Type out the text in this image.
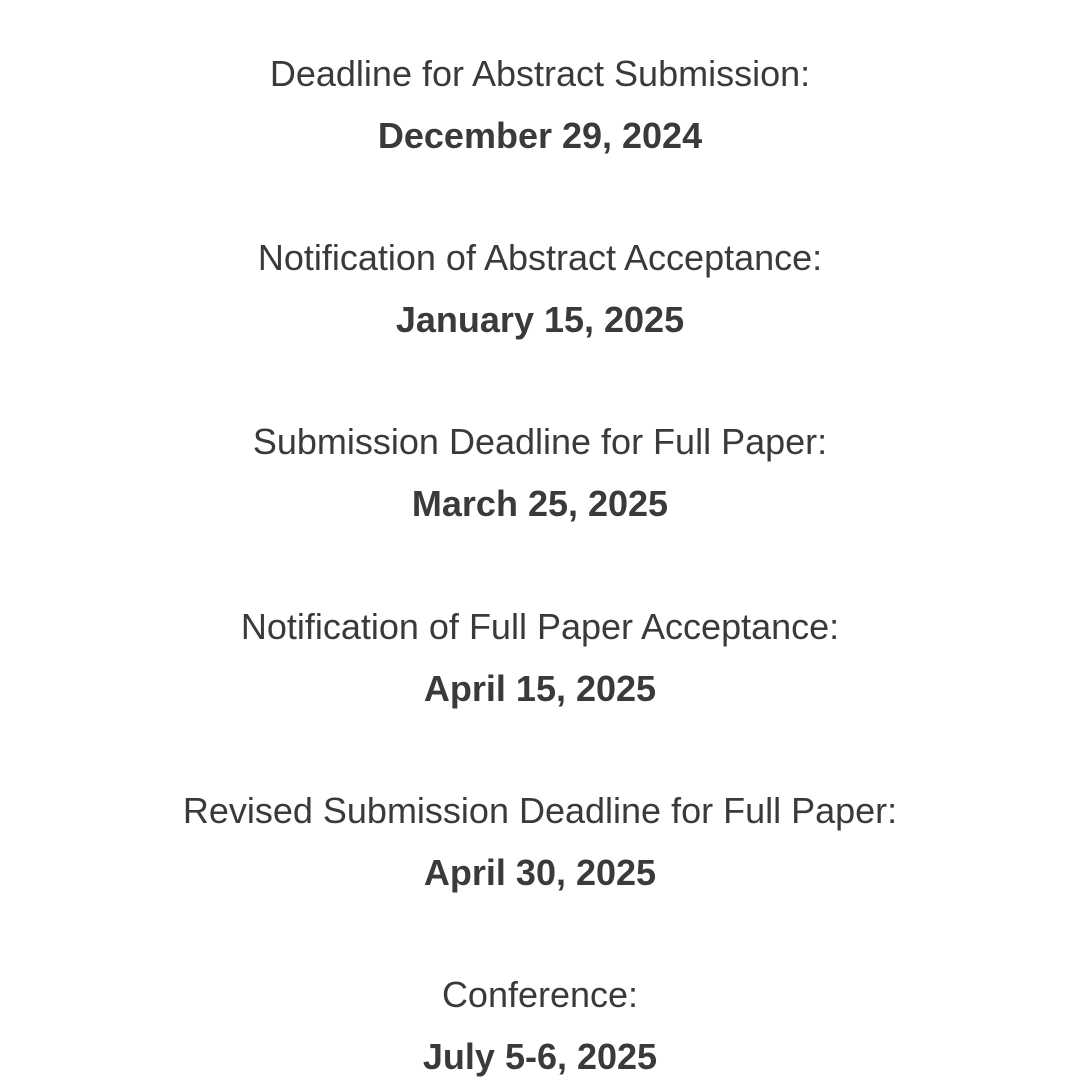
Deadline for Abstract Submission:
December 29, 2024
Notification of Abstract Acceptance:
January 15, 2025
Submission Deadline for Full Paper:
March 25, 2025
Notification of Full Paper Acceptance:
April 15, 2025
Revised Submission Deadline for Full Paper:
April 30, 2025
Conference:
July 5-6, 2025
